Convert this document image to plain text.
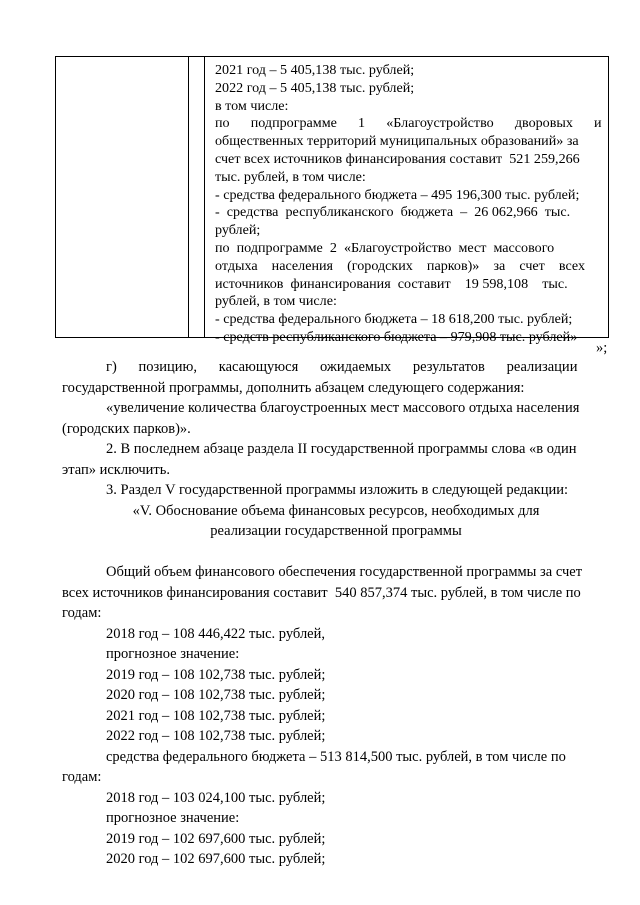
2021 год – 5 405,138 тыс. рублей;
2022 год – 5 405,138 тыс. рублей;
в том числе:
по      подпрограмме      1      «Благоустройство      дворовых      и
общественных территорий муниципальных образований» за
счет всех источников финансирования составит  521 259,266
тыс. рублей, в том числе:
- средства федерального бюджета – 495 196,300 тыс. рублей;
-  средства  республиканского  бюджета  –  26 062,966  тыс.
рублей;
по  подпрограмме  2  «Благоустройство  мест  массового
отдыха    населения    (городских    парков)»    за    счет    всех
источников  финансирования  составит    19 598,108    тыс.
рублей, в том числе:
- средства федерального бюджета – 18 618,200 тыс. рублей;
- средств республиканского бюджета – 979,908 тыс. рублей»
»;
г)      позицию,      касающуюся      ожидаемых      результатов      реализации
государственной программы, дополнить абзацем следующего содержания:
«увеличение количества благоустроенных мест массового отдыха населения
(городских парков)».
2. В последнем абзаце раздела II государственной программы слова «в один
этап» исключить.
3. Раздел V государственной программы изложить в следующей редакции:
«V. Обоснование объема финансовых ресурсов, необходимых для
реализации государственной программы
Общий объем финансового обеспечения государственной программы за счет
всех источников финансирования составит  540 857,374 тыс. рублей, в том числе по
годам:
2018 год – 108 446,422 тыс. рублей,
прогнозное значение:
2019 год – 108 102,738 тыс. рублей;
2020 год – 108 102,738 тыс. рублей;
2021 год – 108 102,738 тыс. рублей;
2022 год – 108 102,738 тыс. рублей;
средства федерального бюджета – 513 814,500 тыс. рублей, в том числе по
годам:
2018 год – 103 024,100 тыс. рублей;
прогнозное значение:
2019 год – 102 697,600 тыс. рублей;
2020 год – 102 697,600 тыс. рублей;
